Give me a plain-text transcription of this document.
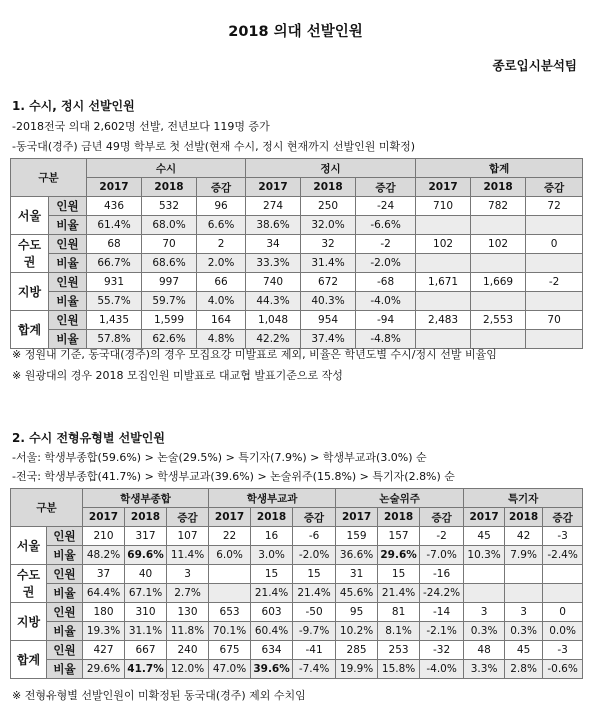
2018 의대 선발인원
종로입시분석팀
1. 수시, 정시 선발인원
-2018전국 의대 2,602명 선발, 전년보다 119명 증가
-동국대(경주) 금년 49명 학부로 첫 선발(현재 수시, 정시 현재까지 선발인원 미확정)
구분		수시			정시			합계		
		2017	2018	증감	2017	2018	증감	2017	2018	증감
서울	인원	436	532	96	274	250	-24	710	782	72
	비율	61.4%	68.0%	6.6%	38.6%	32.0%	-6.6%			
수도권	인원	68	70	2	34	32	-2	102	102	0
	비율	66.7%	68.6%	2.0%	33.3%	31.4%	-2.0%			
지방	인원	931	997	66	740	672	-68	1,671	1,669	-2
	비율	55.7%	59.7%	4.0%	44.3%	40.3%	-4.0%			
합계	인원	1,435	1,599	164	1,048	954	-94	2,483	2,553	70
	비율	57.8%	62.6%	4.8%	42.2%	37.4%	-4.8%			
※ 정원내 기준, 동국대(경주)의 경우 모집요강 미발표로 제외, 비율은 학년도별 수시/정시 선발 비율임
※ 원광대의 경우 2018 모집인원 미발표로 대교협 발표기준으로 작성
2. 수시 전형유형별 선발인원
-서울: 학생부종합(59.6%) > 논술(29.5%) > 특기자(7.9%) > 학생부교과(3.0%) 순
-전국: 학생부종합(41.7%) > 학생부교과(39.6%) > 논술위주(15.8%) > 특기자(2.8%) 순
구분		학생부종합			학생부교과			논술위주			특기자		
		2017	2018	증감	2017	2018	증감	2017	2018	증감	2017	2018	증감
서울	인원	210	317	107	22	16	-6	159	157	-2	45	42	-3
	비율	48.2%	69.6%	11.4%	6.0%	3.0%	-2.0%	36.6%	29.6%	-7.0%	10.3%	7.9%	-2.4%
수도권	인원	37	40	3		15	15	31	15	-16			
	비율	64.4%	67.1%	2.7%		21.4%	21.4%	45.6%	21.4%	-24.2%			
지방	인원	180	310	130	653	603	-50	95	81	-14	3	3	0
	비율	19.3%	31.1%	11.8%	70.1%	60.4%	-9.7%	10.2%	8.1%	-2.1%	0.3%	0.3%	0.0%
합계	인원	427	667	240	675	634	-41	285	253	-32	48	45	-3
	비율	29.6%	41.7%	12.0%	47.0%	39.6%	-7.4%	19.9%	15.8%	-4.0%	3.3%	2.8%	-0.6%
※ 전형유형별 선발인원이 미확정된 동국대(경주) 제외 수치임
